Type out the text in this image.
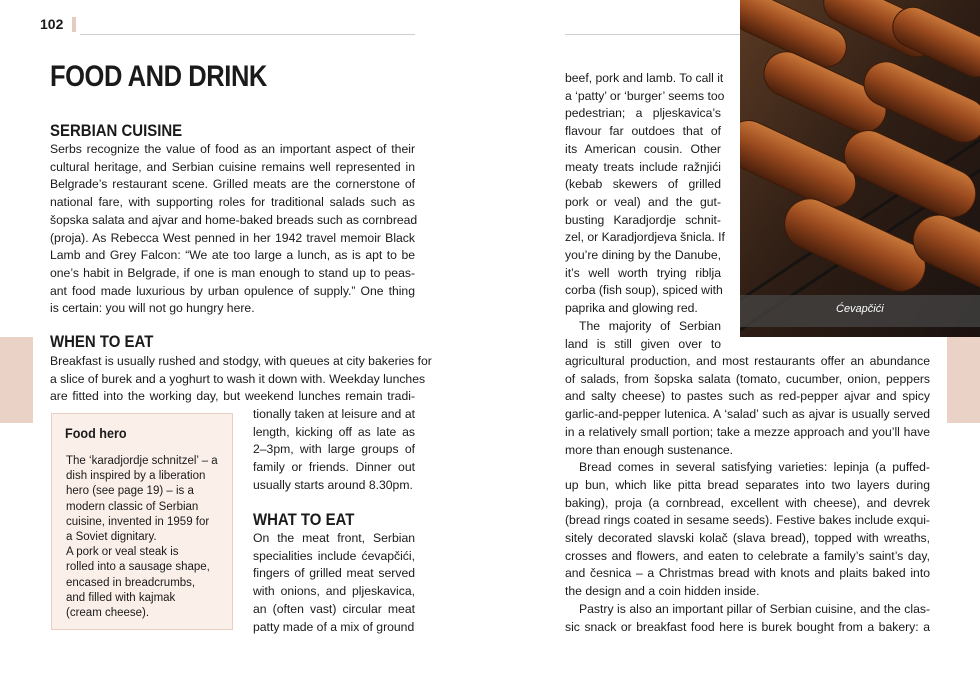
102
FOOD AND DRINK
SERBIAN CUISINE

Serbs recognize the value of food as an important aspect of their

cultural heritage, and Serbian cuisine remains well represented in

Belgrade’s restaurant scene. Grilled meats are the cornerstone of

national fare, with supporting roles for traditional salads such as

šopska salata and ajvar and home-baked breads such as cornbread

(proja). As Rebecca West penned in her 1942 travel memoir Black

Lamb and Grey Falcon: “We ate too large a lunch, as is apt to be

one’s habit in Belgrade, if one is man enough to stand up to peas-

ant food made luxurious by urban opulence of supply.” One thing

is certain: you will not go hungry here.

WHEN TO EAT

Breakfast is usually rushed and stodgy, with queues at city bakeries for

a slice of burek and a yoghurt to wash it down with. Weekday lunches

are fitted into the working day, but weekend lunches remain tradi-

tionally taken at leisure and at

length, kicking off as late as

2–3pm, with large groups of

family or friends. Dinner out

usually starts around 8.30pm.

WHAT TO EAT

On the meat front, Serbian

specialities include ćevapčići,

fingers of grilled meat served

with onions, and pljeskavica,

an (often vast) circular meat

patty made of a mix of ground

Food hero

The ‘karadjordje schnitzel’ – a

dish inspired by a liberation

hero (see page 19) – is a

modern classic of Serbian

cuisine, invented in 1959 for

a Soviet dignitary.

A pork or veal steak is

rolled into a sausage shape,

encased in breadcrumbs,

and filled with kajmak

(cream cheese).

beef, pork and lamb. To call it

a ‘patty’ or ‘burger’ seems too

pedestrian; a pljeskavica’s

flavour far outdoes that of

its American cousin. Other

meaty treats include ražnjići

(kebab skewers of grilled

pork or veal) and the gut-

busting Karadjordje schnit-

zel, or Karadjordjeva šnicla. If

you’re dining by the Danube,

it’s well worth trying riblja

corba (fish soup), spiced with

paprika and glowing red.

The majority of Serbian

land is still given over to

agricultural production, and most restaurants offer an abundance

of salads, from šopska salata (tomato, cucumber, onion, peppers

and salty cheese) to pastes such as red-pepper ajvar and spicy

garlic-and-pepper lutenica. A ‘salad’ such as ajvar is usually served

in a relatively small portion; take a mezze approach and you’ll have

more than enough sustenance.

Bread comes in several satisfying varieties: lepinja (a puffed-

up bun, which like pitta bread separates into two layers during

baking), proja (a cornbread, excellent with cheese), and devrek

(bread rings coated in sesame seeds). Festive bakes include exqui-

sitely decorated slavski kolač (slava bread), topped with wreaths,

crosses and flowers, and eaten to celebrate a family’s saint’s day,

and česnica – a Christmas bread with knots and plaits baked into

the design and a coin hidden inside.

Pastry is also an important pillar of Serbian cuisine, and the clas-

sic snack or breakfast food here is burek bought from a bakery: a

Ćevapčići
